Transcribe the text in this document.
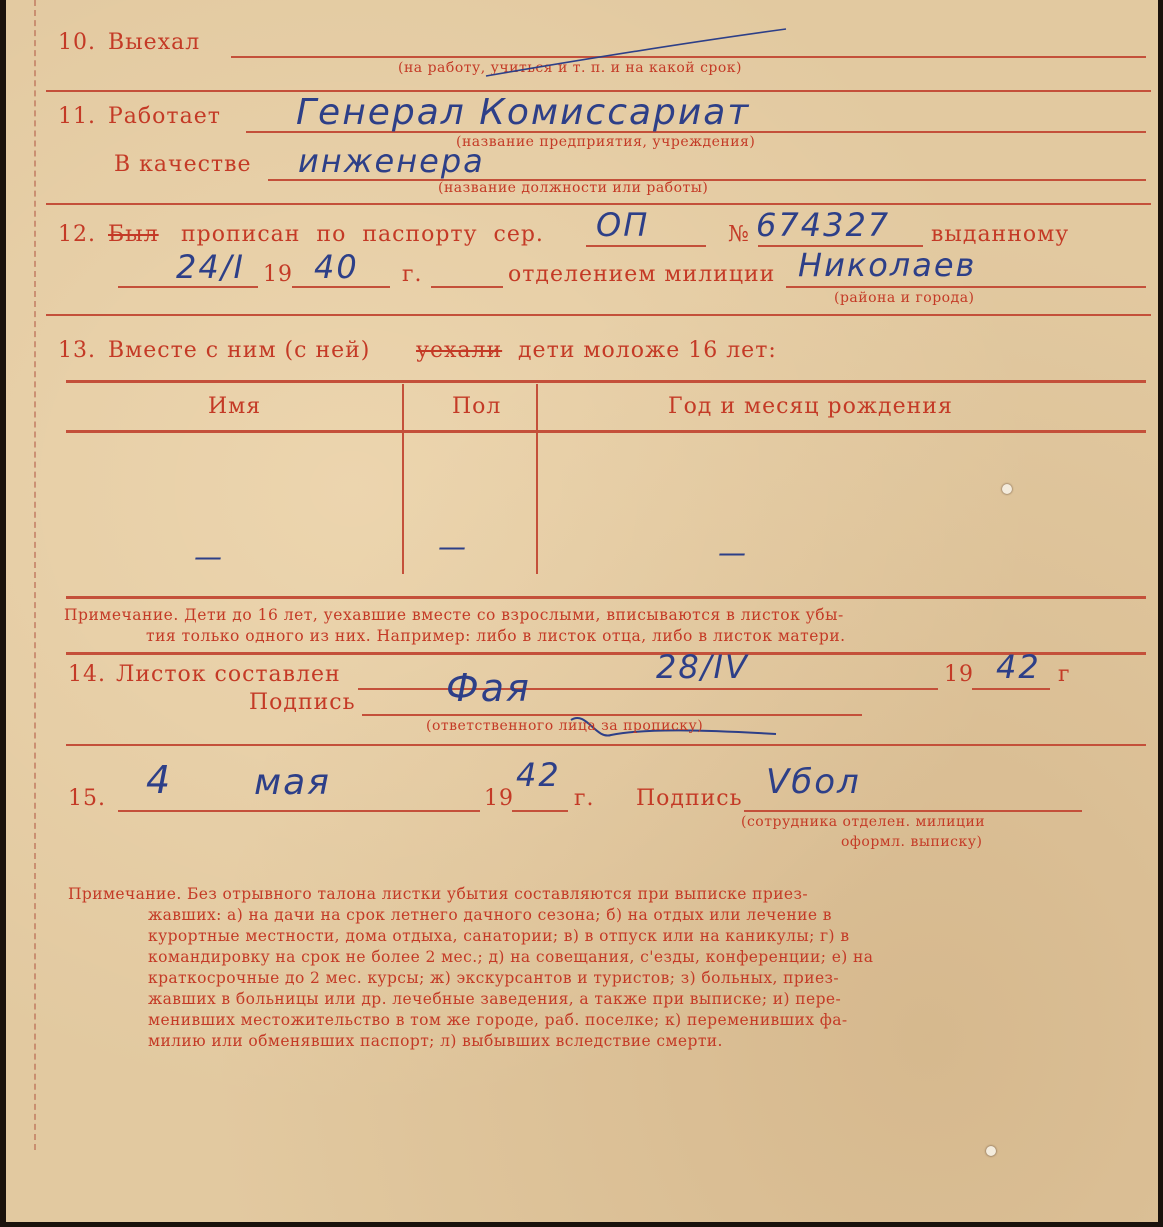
10. Выехал
(на работу, учиться и т. п. и на какой срок)
11. Работает Генерал Комиссариат
(название предприятия, учреждения)
В качестве инженера
(название должности или работы)
12. Был прописан по паспорту сер. ОП	№ 674327 выданному
24/I 19 40 г.	отделением милиции Николаев
(района и города)
13. Вместе с ним (с ней) уехали дети моложе 16 лет:
Имя	Пол	Год и месяц рождения
—	—	—
Примечание. Дети до 16 лет, уехавшие вместе со взрослыми, вписываются в листок убы-
тия только одного из них. Например: либо в листок отца, либо в листок матери.
14. Листок составлен	28/IV	19 42 г
Подпись Фая
(ответственного лица за прописку)
15. 4 мая	19
42
г. Подпись Vбол
(сотрудника отделен. милиции
оформл. выписку)
Примечание. Без отрывного талона листки убытия составляются при выписке приез-
жавших: а) на дачи на срок летнего дачного сезона; б) на отдых или лечение в
курортные местности, дома отдыха, санатории; в) в отпуск или на каникулы; г) в
командировку на срок не более 2 мес.; д) на совещания, с'езды, конференции; е) на
краткосрочные до 2 мес. курсы; ж) экскурсантов и туристов; з) больных, приез-
жавших в больницы или др. лечебные заведения, а также при выписке; и) пере-
менивших местожительство в том же городе, раб. поселке; к) переменивших фа-
милию или обменявших паспорт; л) выбывших вследствие смерти.
